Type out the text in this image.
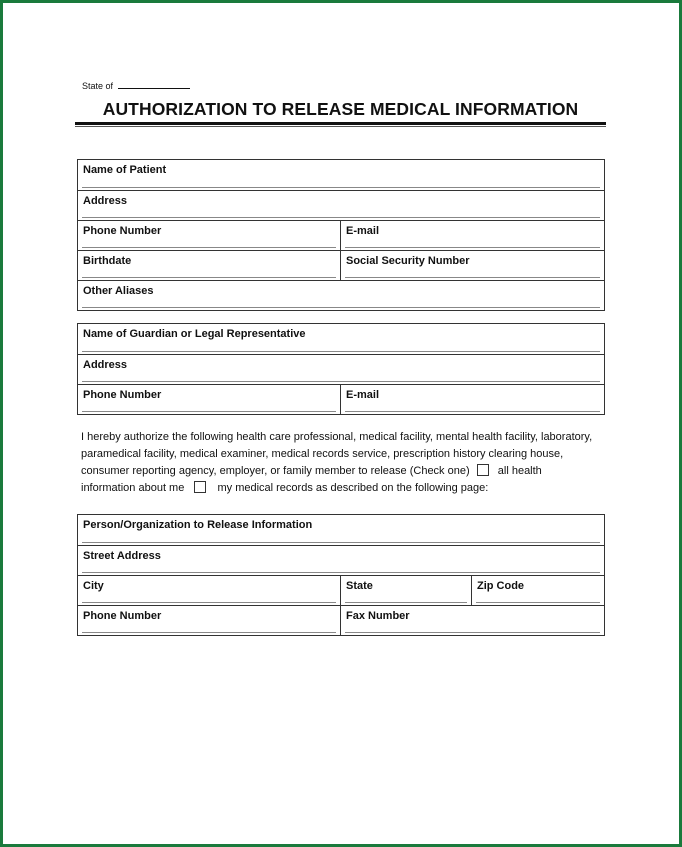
State of
AUTHORIZATION TO RELEASE MEDICAL INFORMATION
Name of Patient
Address
Phone Number	E-mail
Birthdate	Social Security Number
Other Aliases
Name of Guardian or Legal Representative
Address
Phone Number	E-mail
I hereby authorize the following health care professional, medical facility, mental health facility, laboratory,
paramedical facility, medical examiner, medical records service, prescription history clearing house,
consumer reporting agency, employer, or family member to release (Check one)	all health
information about me	my medical records as described on the following page:
Person/Organization to Release Information
Street Address
City	State	Zip Code
Phone Number	Fax Number
